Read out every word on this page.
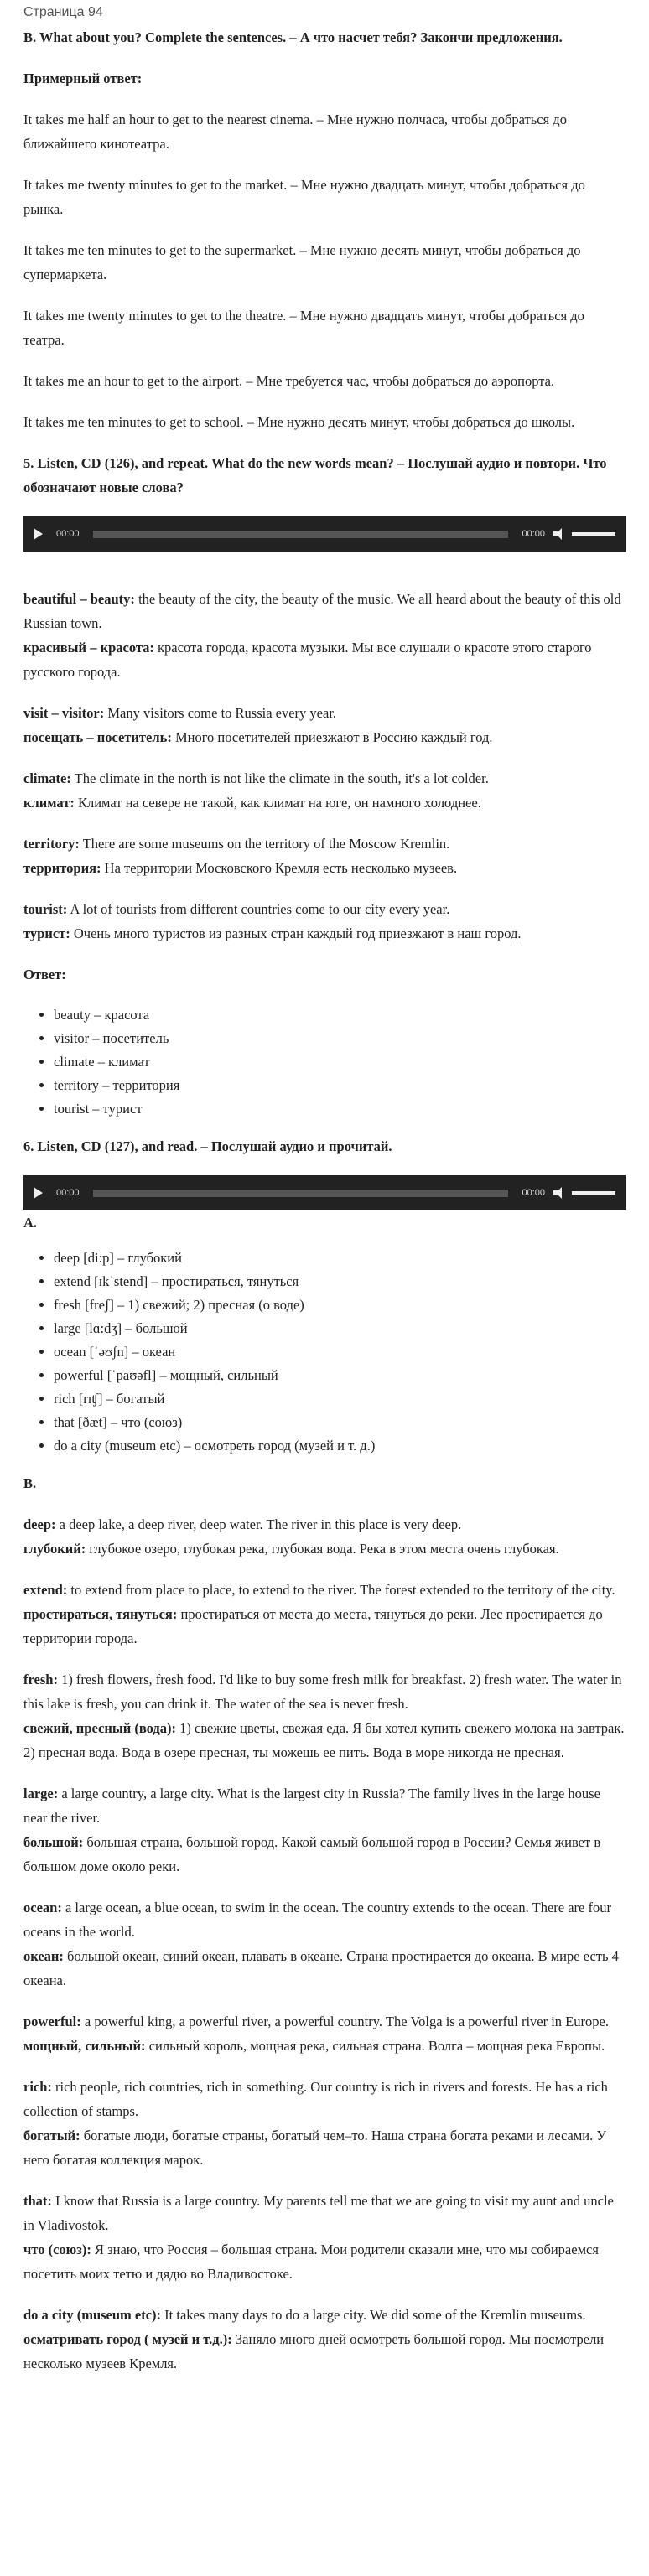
Страница 94

B. What about you? Complete the sentences. – А что насчет тебя? Закончи предложения.

Примерный ответ:

It takes me half an hour to get to the nearest cinema. – Мне нужно полчаса, чтобы добраться до ближайшего кинотеатра.

It takes me twenty minutes to get to the market. – Мне нужно двадцать минут, чтобы добраться до рынка.

It takes me ten minutes to get to the supermarket. – Мне нужно десять минут, чтобы добраться до супермаркета.

It takes me twenty minutes to get to the theatre. – Мне нужно двадцать минут, чтобы добраться до театра.

It takes me an hour to get to the airport. – Мне требуется час, чтобы добраться до аэропорта.

It takes me ten minutes to get to school. – Мне нужно десять минут, чтобы добраться до школы.

5. Listen, CD (126), and repeat. What do the new words mean? – Послушай аудио и повтори. Что обозначают новые слова?

00:00	00:00
beautiful – beauty: the beauty of the city, the beauty of the music. We all heard about the beauty of this old Russian town.
красивый – красота: красота города, красота музыки. Мы все слушали о красоте этого старого русского города.
visit – visitor: Many visitors come to Russia every year.
посещать – посетитель: Много посетителей приезжают в Россию каждый год.
climate: The climate in the north is not like the climate in the south, it's a lot colder.
климат: Климат на севере не такой, как климат на юге, он намного холоднее.
territory: There are some museums on the territory of the Moscow Kremlin.
территория: На территории Московского Кремля есть несколько музеев.
tourist: A lot of tourists from different countries come to our city every year.
турист: Очень много туристов из разных стран каждый год приезжают в наш город.

Ответ:

• beauty – красота
• visitor – посетитель
• climate – климат
• territory – территория
• tourist – турист

6. Listen, CD (127), and read. – Послушай аудио и прочитай.

00:00	00:00

A.

• deep [di:p] – глубокий
• extend [ɪkˈstend] – простираться, тянуться
• fresh [freʃ] – 1) свежий; 2) пресная (о воде)
• large [lɑ:dʒ] – большой
• ocean [ˈəʊʃn] – океан
• powerful [ˈpaʊəfl] – мощный, сильный
• rich [rɪʧ] – богатый
• that [ðæt] – что (союз)
• do a city (museum etc) – осмотреть город (музей и т. д.)

B.

deep: a deep lake, a deep river, deep water. The river in this place is very deep.
глубокий: глубокое озеро, глубокая река, глубокая вода. Река в этом места очень глубокая.
extend: to extend from place to place, to extend to the river. The forest extended to the territory of the city.
простираться, тянуться: простираться от места до места, тянуться до реки. Лес простирается до территории города.
fresh: 1) fresh flowers, fresh food. I'd like to buy some fresh milk for breakfast. 2) fresh water. The water in this lake is fresh, you can drink it. The water of the sea is never fresh.
свежий, пресный (вода): 1) свежие цветы, свежая еда. Я бы хотел купить свежего молока на завтрак. 2) пресная вода. Вода в озере пресная, ты можешь ее пить. Вода в море никогда не пресная.
large: a large country, a large city. What is the largest city in Russia? The family lives in the large house near the river.
большой: большая страна, большой город. Какой самый большой город в России? Семья живет в большом доме около реки.
ocean: a large ocean, a blue ocean, to swim in the ocean. The country extends to the ocean. There are four oceans in the world.
океан: большой океан, синий океан, плавать в океане. Страна простирается до океана. В мире есть 4 океана.
powerful: a powerful king, a powerful river, a powerful country. The Volga is a powerful river in Europe.
мощный, сильный: сильный король, мощная река, сильная страна. Волга – мощная река Европы.
rich: rich people, rich countries, rich in something. Our country is rich in rivers and forests. He has a rich collection of stamps.
богатый: богатые люди, богатые страны, богатый чем–то. Наша страна богата реками и лесами. У него богатая коллекция марок.
that: I know that Russia is a large country. My parents tell me that we are going to visit my aunt and uncle in Vladivostok.
что (союз): Я знаю, что Россия – большая страна. Мои родители сказали мне, что мы собираемся посетить моих тетю и дядю во Владивостоке.
do a city (museum etc): It takes many days to do a large city. We did some of the Kremlin museums.
осматривать город ( музей и т.д.): Заняло много дней осмотреть большой город. Мы посмотрели несколько музеев Кремля.
